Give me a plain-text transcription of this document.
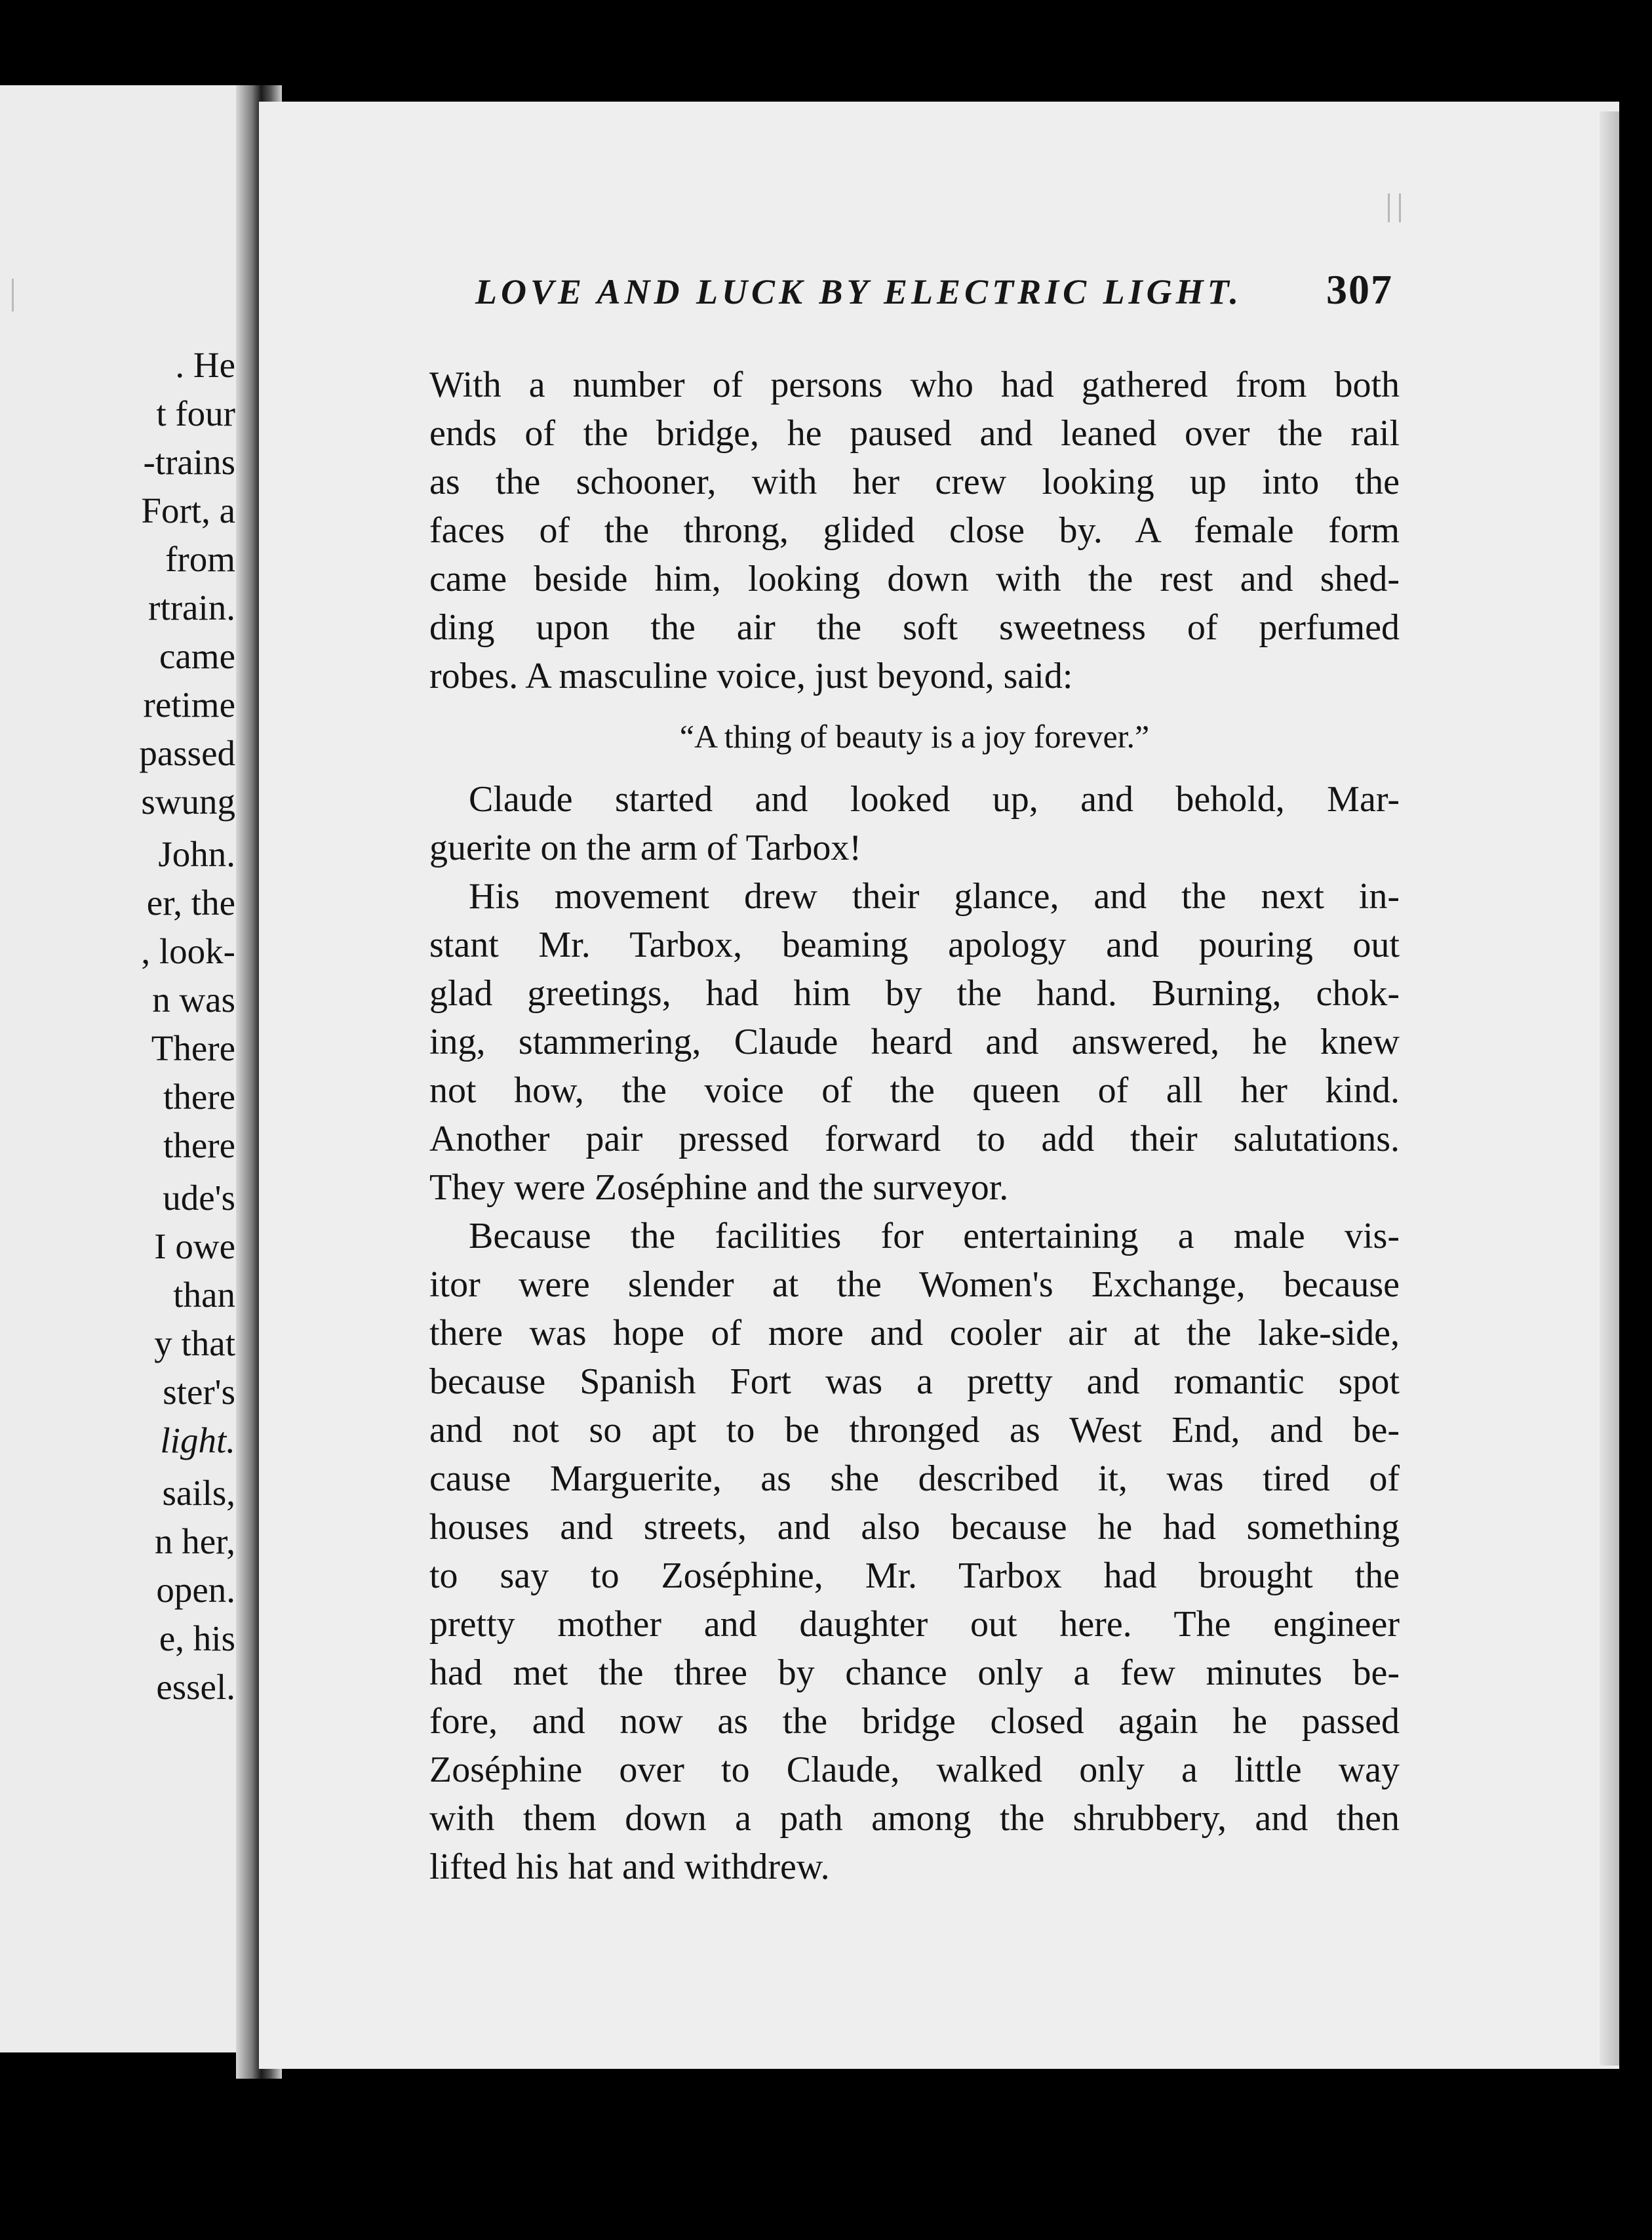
. He
t four
-trains
Fort, a
from
rtrain.
came
retime
passed
swung
John.
er, the
, look-
n was
There
there
there
ude's
I owe
than
y that
ster's
light.
sails,
n her,
open.
e, his
essel.
LOVE AND LUCK BY ELECTRIC LIGHT. 307
With a number of persons who had gathered from both
ends of the bridge, he paused and leaned over the rail
as the schooner, with her crew looking up into the
faces of the throng, glided close by. A female form
came beside him, looking down with the rest and shed-
ding upon the air the soft sweetness of perfumed
robes. A masculine voice, just beyond, said:
“A thing of beauty is a joy forever.”
Claude started and looked up, and behold, Mar-
guerite on the arm of Tarbox!
His movement drew their glance, and the next in-
stant Mr. Tarbox, beaming apology and pouring out
glad greetings, had him by the hand. Burning, chok-
ing, stammering, Claude heard and answered, he knew
not how, the voice of the queen of all her kind.
Another pair pressed forward to add their salutations.
They were Zoséphine and the surveyor.
Because the facilities for entertaining a male vis-
itor were slender at the Women's Exchange, because
there was hope of more and cooler air at the lake-side,
because Spanish Fort was a pretty and romantic spot
and not so apt to be thronged as West End, and be-
cause Marguerite, as she described it, was tired of
houses and streets, and also because he had something
to say to Zoséphine, Mr. Tarbox had brought the
pretty mother and daughter out here. The engineer
had met the three by chance only a few minutes be-
fore, and now as the bridge closed again he passed
Zoséphine over to Claude, walked only a little way
with them down a path among the shrubbery, and then
lifted his hat and withdrew.
